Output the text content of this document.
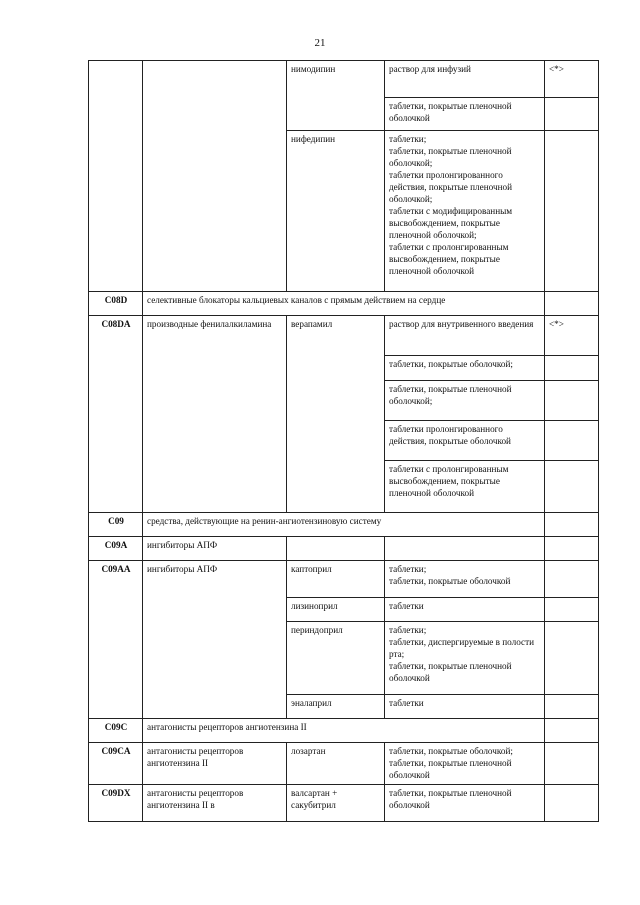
21
		нимодипин	раствор для инфузий	<*>
			таблетки, покрытые пленочной оболочкой	
		нифедипин	таблетки;
таблетки, покрытые пленочной оболочкой;
таблетки пролонгированного действия, покрытые пленочной оболочкой;
таблетки с модифицированным высвобождением, покрытые пленочной оболочкой;
таблетки с пролонгированным высвобождением, покрытые пленочной оболочкой	

C08D	селективные блокаторы кальциевых каналов с прямым действием на сердце			
C08DA	производные фенилалкиламина	верапамил	раствор для внутривенного введения	<*>
			таблетки, покрытые оболочкой;	
			таблетки, покрытые пленочной оболочкой;	
			таблетки пролонгированного действия, покрытые оболочкой	
			таблетки с пролонгированным высвобождением, покрытые пленочной оболочкой	
C09	средства, действующие на ренин-ангиотензиновую систему			
C09A	ингибиторы АПФ			
C09AA	ингибиторы АПФ	каптоприл	таблетки;
таблетки, покрытые оболочкой	

		лизиноприл	таблетки	
		периндоприл	таблетки;
таблетки, диспергируемые в полости рта;
таблетки, покрытые пленочной оболочкой	

		эналаприл	таблетки	
C09C	антагонисты рецепторов ангиотензина II			
C09CA	антагонисты рецепторов ангиотензина II	лозартан	таблетки, покрытые оболочкой;
таблетки, покрытые пленочной оболочкой	

C09DX	антагонисты рецепторов ангиотензина II в	валсартан + сакубитрил	таблетки, покрытые пленочной оболочкой	
